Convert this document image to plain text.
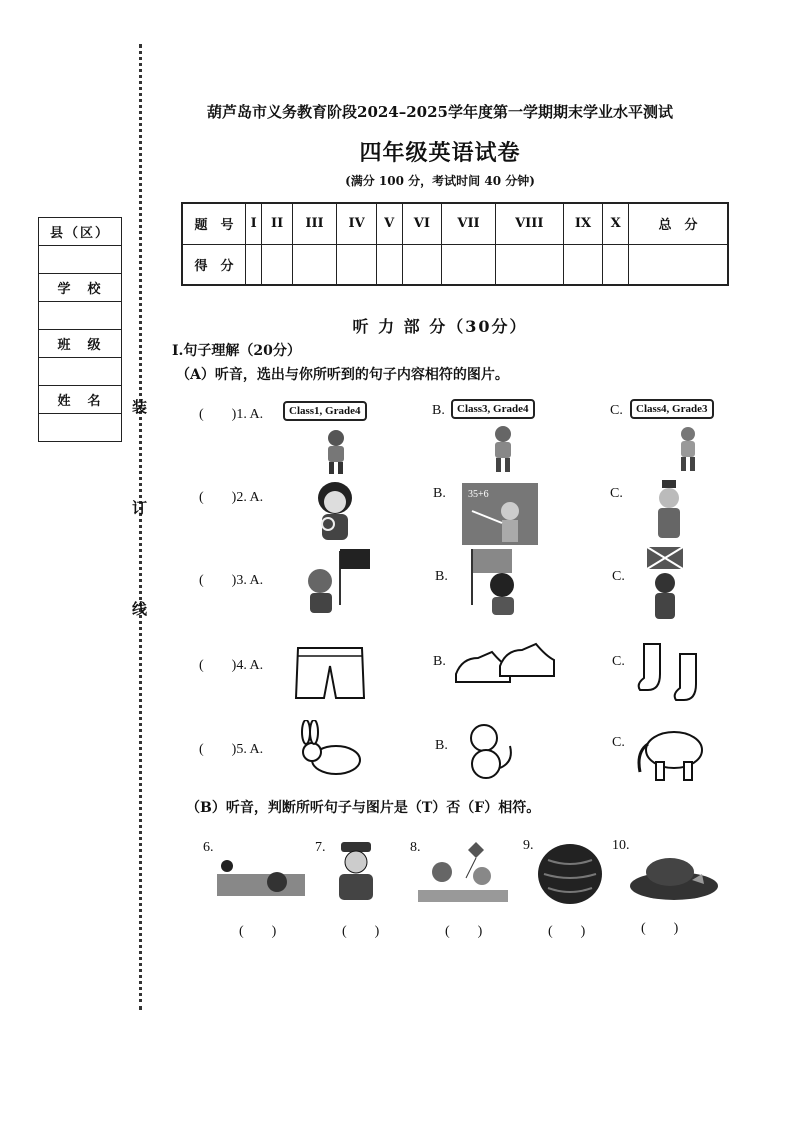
装
订
线
县（区）
学　校
班　级
姓　名
葫芦岛市义务教育阶段2024–2025学年度第一学期期末学业水平测试
四年级英语试卷
(满分 100 分，考试时间 40 分钟)
题　号	I	II	III	IV	V	VI	VII	VIII	IX	X	总　分
得　分											
听 力 部 分（30分）
I.句子理解（20分）
（A）听音，选出与你所听到的句子内容相符的图片。
(　　)1. A.	Class1, Grade4	B.	Class3, Grade4	C.	Class4, Grade3
(　　)2. A.	B.	C.
35+6
(　　)3. A.	B.	C.
(　　)4. A.	B.	C.
(　　)5. A.	B.	C.
（B）听音，判断所听句子与图片是（T）否（F）相符。
6.
(　　)
7.
(　　)
8.
(　　)
9.
(　　)
10.
(　　)
